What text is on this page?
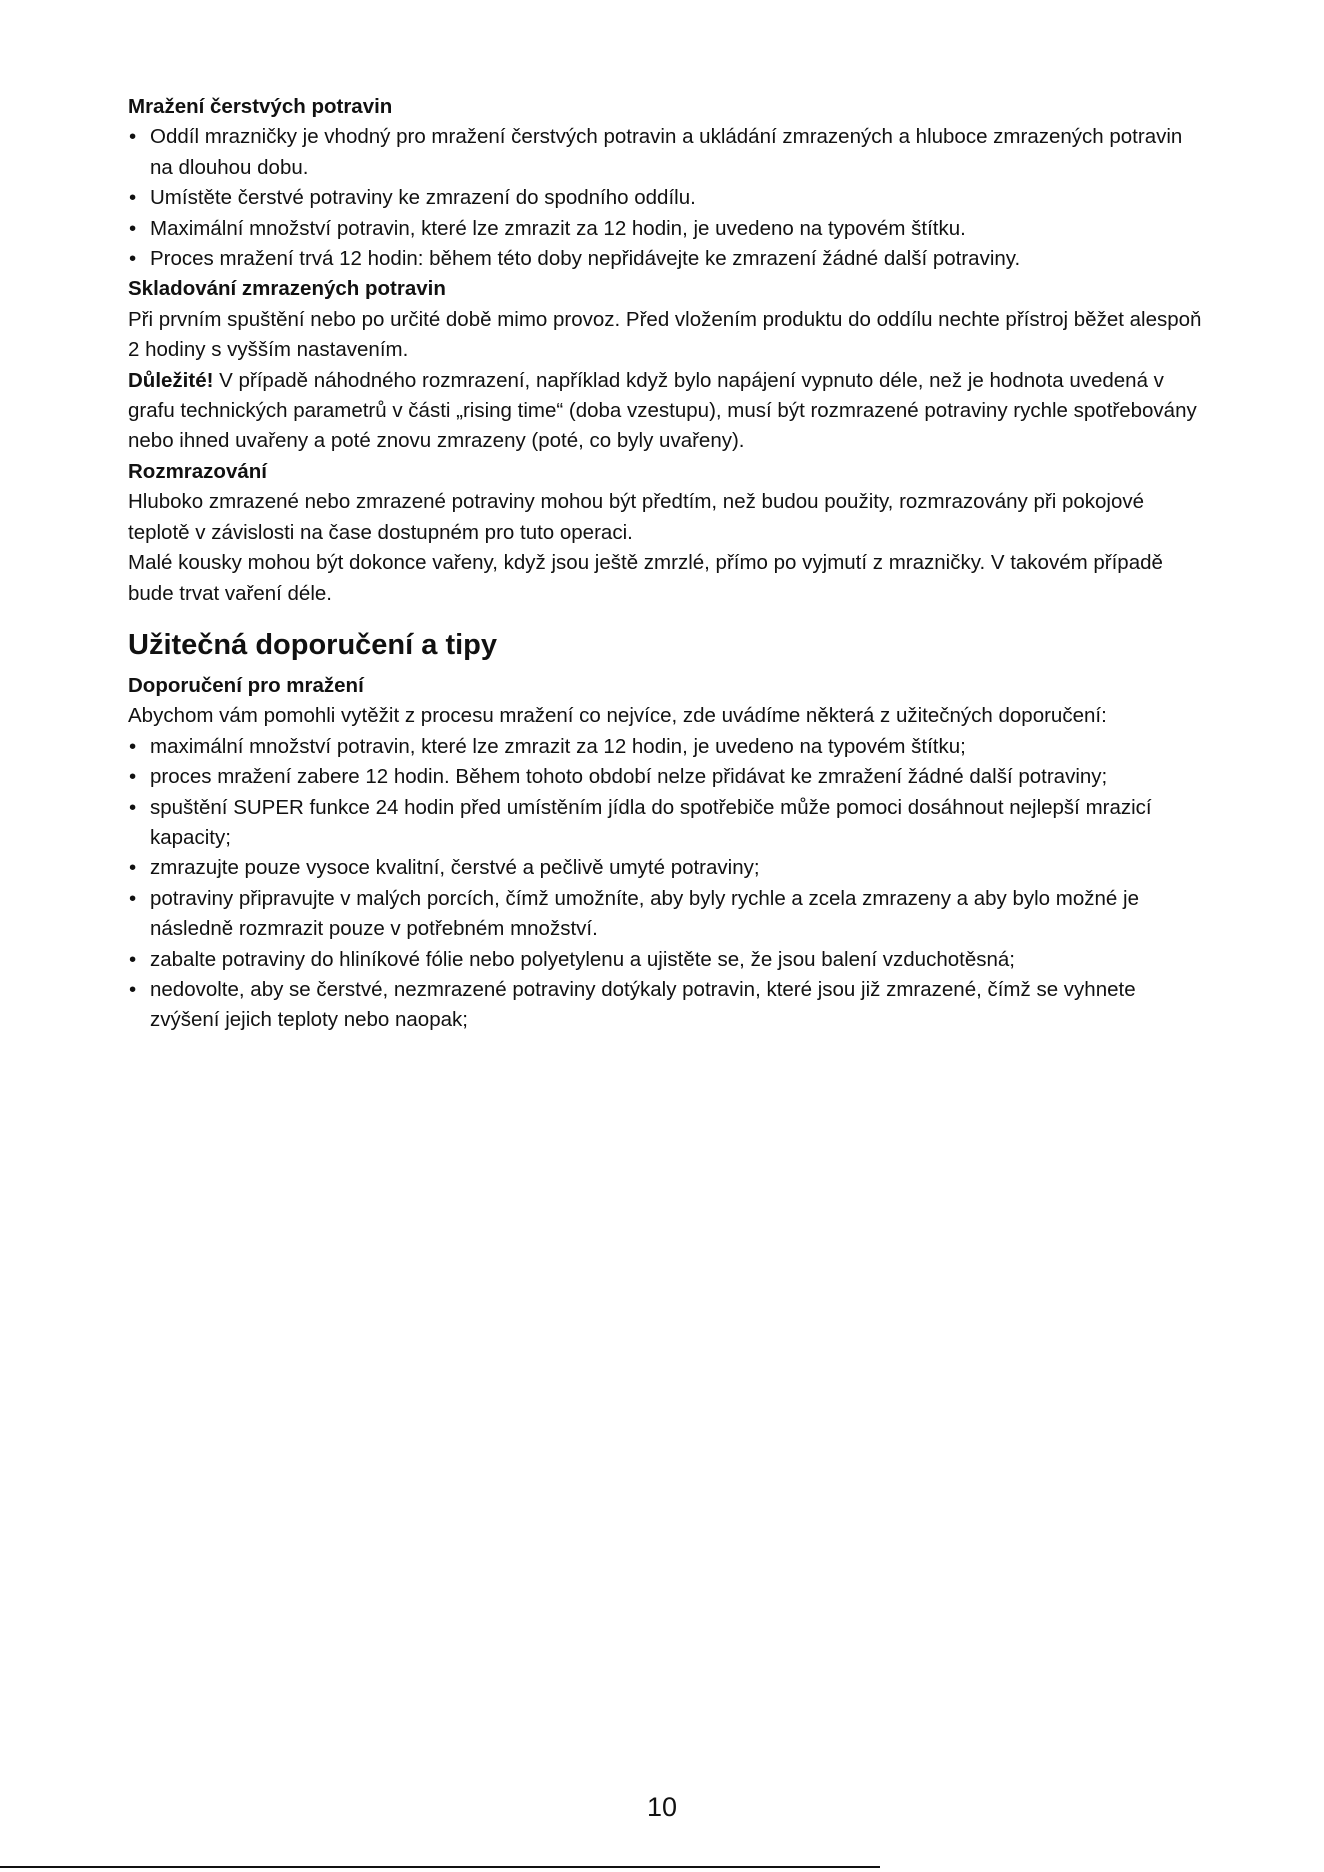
Mražení čerstvých potravin

• Oddíl mrazničky je vhodný pro mražení čerstvých potravin a ukládání zmrazených a hluboce zmrazených potravin na dlouhou dobu.
• Umístěte čerstvé potraviny ke zmrazení do spodního oddílu.
• Maximální množství potravin, které lze zmrazit za 12 hodin, je uvedeno na typovém štítku.
• Proces mražení trvá 12 hodin: během této doby nepřidávejte ke zmrazení žádné další potraviny.

Skladování zmrazených potravin

Při prvním spuštění nebo po určité době mimo provoz. Před vložením produktu do oddílu nechte přístroj běžet alespoň 2 hodiny s vyšším nastavením.

Důležité! V případě náhodného rozmrazení, například když bylo napájení vypnuto déle, než je hodnota uvedená v grafu technických parametrů v části „rising time“ (doba vzestupu), musí být rozmrazené potraviny rychle spotřebovány nebo ihned uvařeny a poté znovu zmrazeny (poté, co byly uvařeny).

Rozmrazování

Hluboko zmrazené nebo zmrazené potraviny mohou být předtím, než budou použity, rozmrazovány při pokojové teplotě v závislosti na čase dostupném pro tuto operaci.

Malé kousky mohou být dokonce vařeny, když jsou ještě zmrzlé, přímo po vyjmutí z mrazničky. V takovém případě bude trvat vaření déle.

Užitečná doporučení a tipy

Doporučení pro mražení

Abychom vám pomohli vytěžit z procesu mražení co nejvíce, zde uvádíme některá z užitečných doporučení:

• maximální množství potravin, které lze zmrazit za 12 hodin, je uvedeno na typovém štítku;
• proces mražení zabere 12 hodin. Během tohoto období nelze přidávat ke zmražení žádné další potraviny;
• spuštění SUPER funkce 24 hodin před umístěním jídla do spotřebiče může pomoci dosáhnout nejlepší mrazicí kapacity;
• zmrazujte pouze vysoce kvalitní, čerstvé a pečlivě umyté potraviny;
• potraviny připravujte v malých porcích, čímž umožníte, aby byly rychle a zcela zmrazeny a aby bylo možné je následně rozmrazit pouze v potřebném množství.
• zabalte potraviny do hliníkové fólie nebo polyetylenu a ujistěte se, že jsou balení vzduchotěsná;
• nedovolte, aby se čerstvé, nezmrazené potraviny dotýkaly potravin, které jsou již zmrazené, čímž se vyhnete zvýšení jejich teploty nebo naopak;
10
